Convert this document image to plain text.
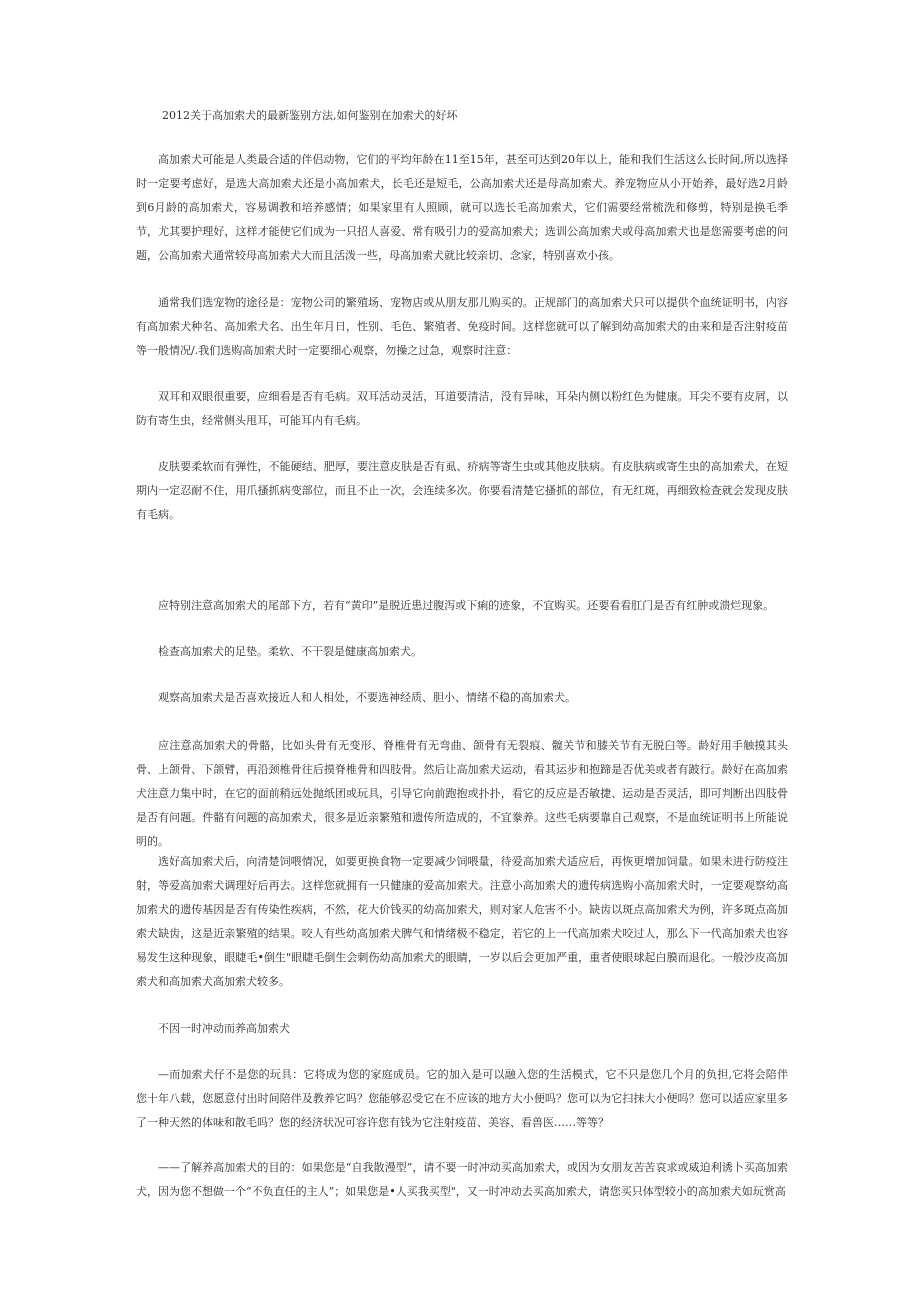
2012关于高加索犬的最新鉴别方法,如何鉴别在加索犬的好坏

高加索犬可能是人类最合适的伴侣动物，它们的平均年龄在11至15年，甚至可达到20年以上，能和我们生活这么长时间,所以选择时一定要考虑好，是选大高加索犬还是小高加索犬，长毛还是短毛，公高加索犬还是母高加索犬。养宠物应从小开始养，最好选2月龄到6月龄的高加索犬，容易调教和培养感情；如果家里有人照顾，就可以选长毛高加索犬，它们需要经常梳洗和修剪，特别是换毛季节，尤其要护理好，这样才能使它们成为一只招人喜爱、常有吸引力的爱高加索犬；选训公高加索犬或母高加索犬也是您需要考虑的问题，公高加索犬通常较母高加索犬大而且活泼一些，母高加索犬就比较亲切、念家，特别喜欢小孩。

通常我们选宠物的途径是：宠物公司的繁殖场、宠物店或从朋友那儿购买的。正规部门的高加索犬只可以提供个血统证明书，内容有高加索犬种名、高加索犬名、出生年月日，性别、毛色、繁殖者、免疫时间。这样您就可以了解到幼高加索犬的由来和是否注射疫苗等一般情况/.我们选购高加索犬时一定要细心观察，勿操之过急，观察时注意：

双耳和双眼很重要，应细看是否有毛病。双耳活动灵活，耳道要清洁，没有异味，耳朵内侧以粉红色为健康。耳尖不要有皮屑，以防有寄生虫，经常侧头甩耳，可能耳内有毛病。

皮肤要柔软而有弹性，不能硬结、肥厚，要注意皮肤是否有虱、疥病等寄生虫或其他皮肤病。有皮肤病或寄生虫的高加索犬，在短期内一定忍耐不住，用爪搔抓病变部位，而且不止一次，会连续多次。你要看清楚它搔抓的部位，有无红斑，再细致检查就会发现皮肤有毛病。

应特别注意高加索犬的尾部下方，若有“黄印”是脱近患过腹泻或下痢的迹象，不宜购买。还要看看肛门是否有红肿或溃烂现象。

检查高加索犬的足垫。柔软、不干裂是健康高加索犬。

观察高加索犬是否喜欢接近人和人相处，不要选神经质、胆小、情绪不稳的高加索犬。

应注意高加索犬的骨骼，比如头骨有无变形、脊椎骨有无弯曲、颌骨有无裂痕、髋关节和膝关节有无脱臼等。龄好用手触摸其头骨、上颌骨、下颌臂，再沿颈椎骨往后摸脊椎骨和四肢骨。然后让高加索犬运动，看其运步和抱蹄是否优美或者有跛行。龄好在高加索犬注意力集中时，在它的面前稍远处抛纸团或玩具，引导它向前跑抱或扑扑，看它的反应是否敏捷、运动是否灵活，即可判断出四肢骨是否有问题。件骼有问题的高加索犬，很多是近亲繁殖和遗传所造成的，不宜豢养。这些毛病要靠自己观察，不是血统证明书上所能说明的。

选好高加索犬后，向清楚饲喂情况，如要更换食物一定要减少饲喂量，待爱高加索犬适应后，再恢更增加饲量。如果未进行防疫注射，等爱高加索犬调理好后再去。这样您就拥有一只健康的爱高加索犬。注意小高加索犬的遗传病选购小高加索犬时，一定要观察幼高加索犬的遗传基因是否有传染性疾病，不然，花大价钱买的幼高加索犬，则对家人危害不小。缺齿以斑点高加索犬为例，许多斑点高加索犬缺齿，这是近亲繁殖的结果。咬人有些幼高加索犬脾气和情绪极不稳定，若它的上一代高加索犬咬过人，那么下一代高加索犬也容易发生这种现象，眼睫毛•倒生"眼睫毛倒生会刺伤幼高加索犬的眼睛，一岁以后会更加严重，重者使眼球起白膜而退化。一般沙皮高加索犬和高加索犬高加索犬较多。

不因一时冲动而养高加索犬

—而加索犬仔不是您的玩具：它将成为您的家庭成员。它的加入是可以融入您的生活模式，它不只是您几个月的负担,它将会陪伴您十年八载，您愿意付出时间陪伴及教养它吗？您能够忍受它在不应该的地方大小便吗？您可以为它扫抹大小便吗？您可以适应家里多了一种天然的体味和散毛吗？您的经济状况可容许您有钱为它注射疫苗、美容、看兽医……等等？

——了解养高加索犬的目的：如果您是“自我散漫型”，请不要一时冲动买高加索犬，或因为女朋友苦苦哀求或威迫利诱卜买高加索犬，因为您不想做一个“不负直任的主人”；如果您是•人买我买型"，又一时冲动去买高加索犬，请您买只体型较小的高加索犬如玩赏高
